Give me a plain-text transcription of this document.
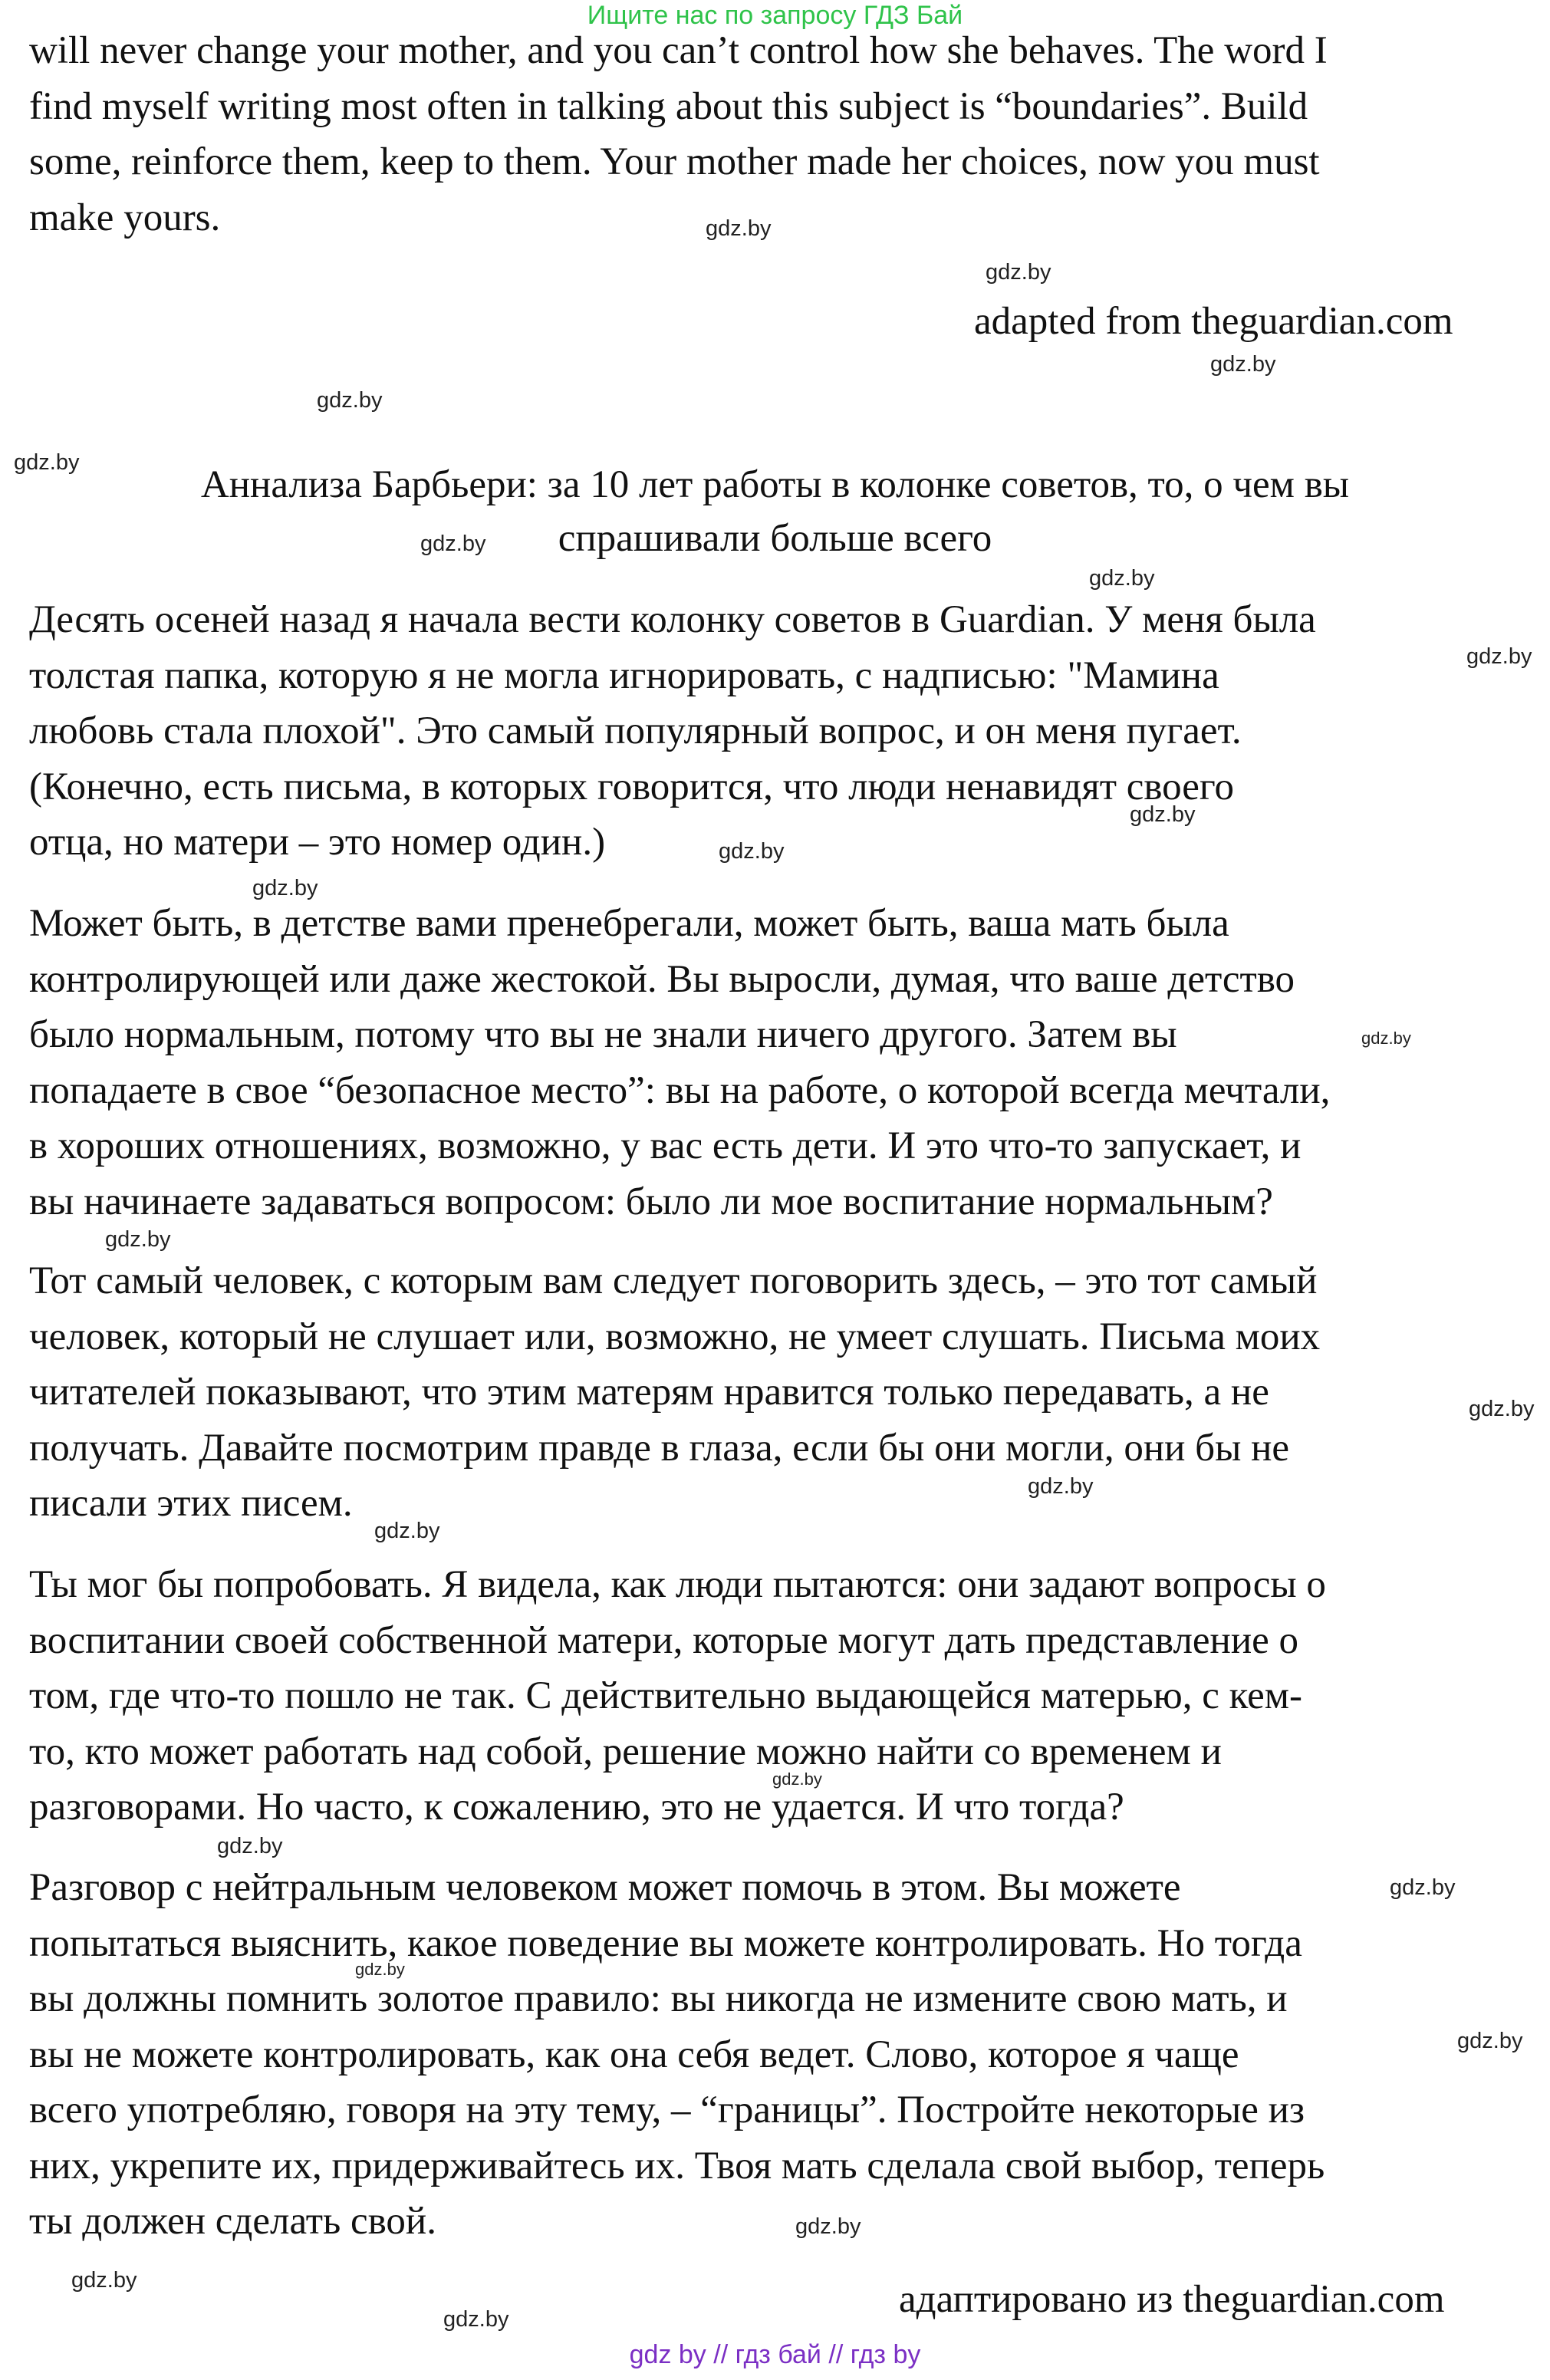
Ищите нас по запросу ГДЗ Бай
will never change your mother, and you can’t control how she behaves. The word I
find myself writing most often in talking about this subject is “boundaries”. Build
some, reinforce them, keep to them. Your mother made her choices, now you must
make yours.
adapted from theguardian.com
Аннализа Барбьери: за 10 лет работы в колонке советов, то, о чем вы
спрашивали больше всего
Десять осеней назад я начала вести колонку советов в Guardian. У меня была
толстая папка, которую я не могла игнорировать, с надписью: "Мамина
любовь стала плохой". Это самый популярный вопрос, и он меня пугает.
(Конечно, есть письма, в которых говорится, что люди ненавидят своего
отца, но матери – это номер один.)
Может быть, в детстве вами пренебрегали, может быть, ваша мать была
контролирующей или даже жестокой. Вы выросли, думая, что ваше детство
было нормальным, потому что вы не знали ничего другого. Затем вы
попадаете в свое “безопасное место”: вы на работе, о которой всегда мечтали,
в хороших отношениях, возможно, у вас есть дети. И это что-то запускает, и
вы начинаете задаваться вопросом: было ли мое воспитание нормальным?
Тот самый человек, с которым вам следует поговорить здесь, – это тот самый
человек, который не слушает или, возможно, не умеет слушать. Письма моих
читателей показывают, что этим матерям нравится только передавать, а не
получать. Давайте посмотрим правде в глаза, если бы они могли, они бы не
писали этих писем.
Ты мог бы попробовать. Я видела, как люди пытаются: они задают вопросы о
воспитании своей собственной матери, которые могут дать представление о
том, где что-то пошло не так. С действительно выдающейся матерью, с кем-
то, кто может работать над собой, решение можно найти со временем и
разговорами. Но часто, к сожалению, это не удается. И что тогда?
Разговор с нейтральным человеком может помочь в этом. Вы можете
попытаться выяснить, какое поведение вы можете контролировать. Но тогда
вы должны помнить золотое правило: вы никогда не измените свою мать, и
вы не можете контролировать, как она себя ведет. Слово, которое я чаще
всего употребляю, говоря на эту тему, – “границы”. Постройте некоторые из
них, укрепите их, придерживайтесь их. Твоя мать сделала свой выбор, теперь
ты должен сделать свой.
адаптировано из theguardian.com
gdz.by
gdz.by
gdz.by
gdz.by
gdz.by
gdz.by
gdz.by
gdz.by
gdz.by
gdz.by
gdz.by
gdz.by
gdz.by
gdz.by
gdz.by
gdz.by
gdz.by
gdz.by
gdz.by
gdz.by
gdz.by
gdz.by
gdz.by
gdz.by
gdz by // гдз бай // гдз by
